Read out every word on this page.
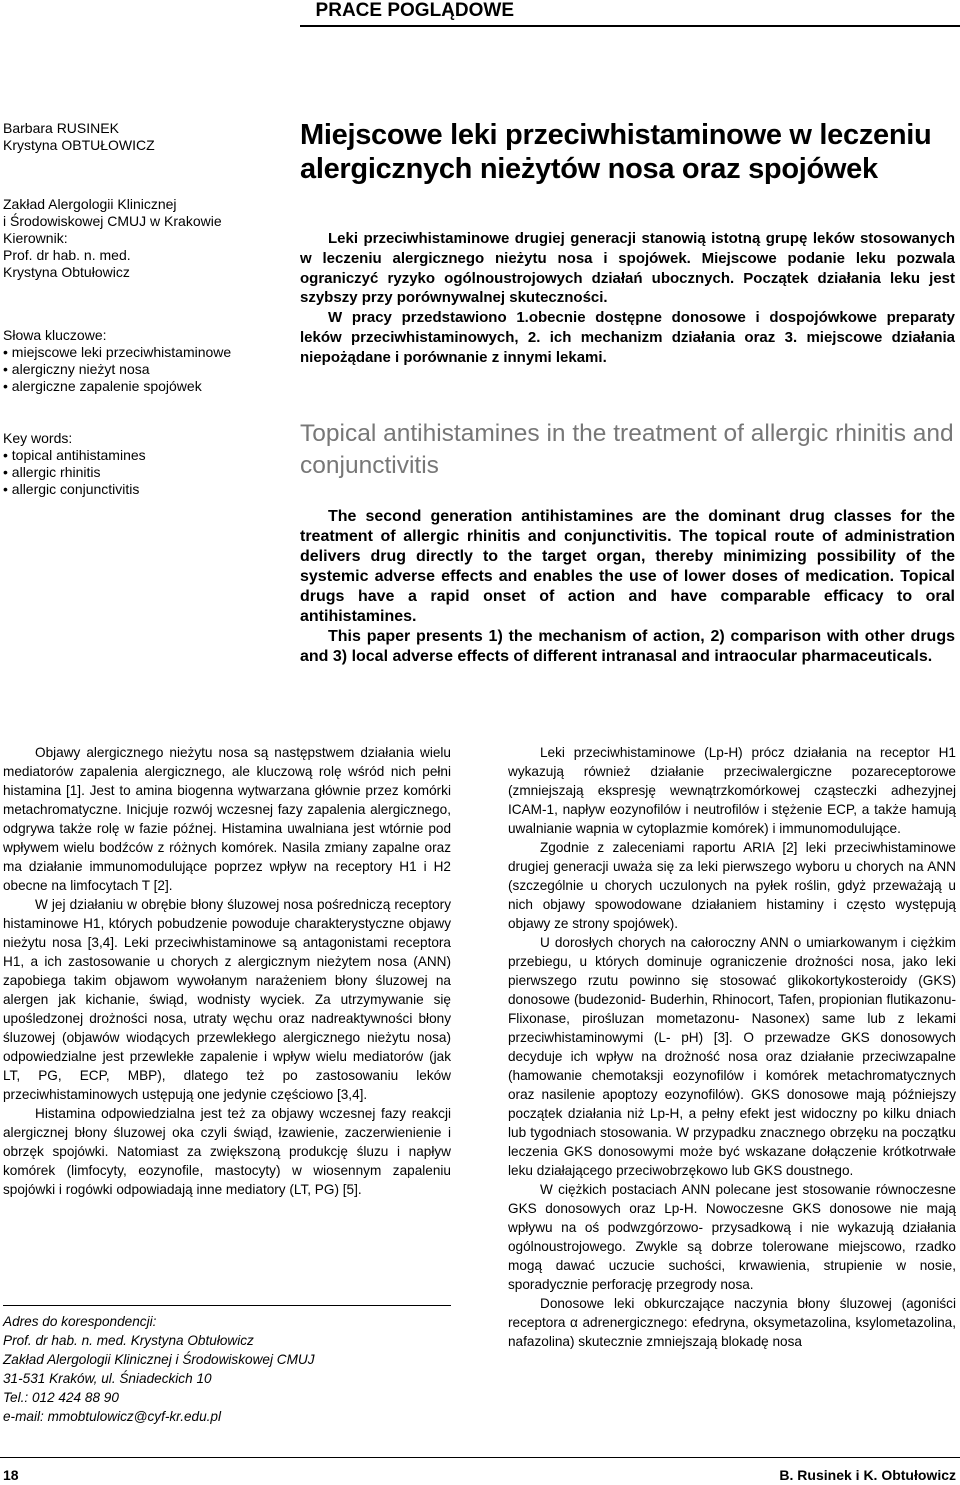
PRACE POGLĄDOWE
Barbara RUSINEK
Krystyna OBTUŁOWICZ
Zakład Alergologii Klinicznej
i Środowiskowej CMUJ w Krakowie
Kierownik:
Prof. dr hab. n. med.
Krystyna Obtułowicz
Słowa kluczowe:
• miejscowe leki przeciwhistaminowe
• alergiczny nieżyt nosa
• alergiczne zapalenie spojówek
Key words:
• topical antihistamines
• allergic rhinitis
• allergic conjunctivitis
Miejscowe leki przeciwhistaminowe w leczeniu alergicznych nieżytów nosa oraz spojówek

Leki przeciwhistaminowe drugiej generacji stanowią istotną grupę leków stosowanych w leczeniu alergicznego nieżytu nosa i spojówek. Miejscowe podanie leku pozwala ograniczyć ryzyko ogólnoustrojowych działań ubocznych. Początek działania leku jest szybszy przy porównywalnej skuteczności.

W pracy przedstawiono 1.obecnie dostępne donosowe i dospojówkowe preparaty leków przeciwhistaminowych, 2. ich mechanizm działania oraz 3. miejscowe działania niepożądane i porównanie z innymi lekami.

Topical antihistamines in the treatment of allergic rhinitis and conjunctivitis

The second generation antihistamines are the dominant drug classes for the treatment of allergic rhinitis and conjunctivitis. The topical route of administration delivers drug directly to the target organ, thereby minimizing possibility of the systemic adverse effects and enables the use of lower doses of medication. Topical drugs have a rapid onset of action and have comparable efficacy to oral antihistamines.

This paper presents 1) the mechanism of action, 2) comparison with other drugs and 3) local adverse effects of different intranasal and intraocular pharmaceuticals.

Objawy alergicznego nieżytu nosa są następstwem działania wielu mediatorów zapalenia alergicznego, ale kluczową rolę wśród nich pełni histamina [1]. Jest to amina biogenna wytwarzana głównie przez komórki metachromatyczne. Inicjuje rozwój wczesnej fazy zapalenia alergicznego, odgrywa także rolę w fazie późnej. Histamina uwalniana jest wtórnie pod wpływem wielu bodźców z różnych komórek. Nasila zmiany zapalne oraz ma działanie immunomodulujące poprzez wpływ na receptory H1 i H2 obecne na limfocytach T [2].

W jej działaniu w obrębie błony śluzowej nosa pośredniczą receptory histaminowe H1, których pobudzenie powoduje charakterystyczne objawy nieżytu nosa [3,4]. Leki przeciwhistaminowe są antagonistami receptora H1, a ich zastosowanie u chorych z alergicznym nieżytem nosa (ANN) zapobiega takim objawom wywołanym narażeniem błony śluzowej na alergen jak kichanie, świąd, wodnisty wyciek. Za utrzymywanie się upośledzonej drożności nosa, utraty węchu oraz nadreaktywności błony śluzowej (objawów wiodących przewlekłego alergicznego nieżytu nosa) odpowiedzialne jest przewlekłe zapalenie i wpływ wielu mediatorów (jak LT, PG, ECP, MBP), dlatego też po zastosowaniu leków przeciwhistaminowych ustępują one jedynie częściowo [3,4].

Histamina odpowiedzialna jest też za objawy wczesnej fazy reakcji alergicznej błony śluzowej oka czyli świąd, łzawienie, zaczerwienienie i obrzęk spojówki. Natomiast za zwiększoną produkcję śluzu i napływ komórek (limfocyty, eozynofile, mastocyty) w wiosennym zapaleniu spojówki i rogówki odpowiadają inne mediatory (LT, PG) [5].

Adres do korespondencji:
Prof. dr hab. n. med. Krystyna Obtułowicz
Zakład Alergologii Klinicznej i Środowiskowej CMUJ
31-531 Kraków, ul. Śniadeckich 10
Tel.: 012 424 88 90
e-mail: mmobtulowicz@cyf-kr.edu.pl

Leki przeciwhistaminowe (Lp-H) prócz działania na receptor H1 wykazują również działanie przeciwalergiczne pozareceptorowe (zmniejszają ekspresję wewnątrzkomórkowej cząsteczki adhezyjnej ICAM-1, napływ eozynofilów i neutrofilów i stężenie ECP, a także hamują uwalnianie wapnia w cytoplazmie komórek) i immunomodulujące.

Zgodnie z zaleceniami raportu ARIA [2] leki przeciwhistaminowe drugiej generacji uważa się za leki pierwszego wyboru u chorych na ANN (szczególnie u chorych uczulonych na pyłek roślin, gdyż przeważają u nich objawy spowodowane działaniem histaminy i często występują objawy ze strony spojówek).

U dorosłych chorych na całoroczny ANN o umiarkowanym i ciężkim przebiegu, u których dominuje ograniczenie drożności nosa, jako leki pierwszego rzutu powinno się stosować glikokortykosteroidy (GKS) donosowe (budezonid- Buderhin, Rhinocort, Tafen, propionian flutikazonu- Flixonase, pirośluzan mometazonu- Nasonex) same lub z lekami przeciwhistaminowymi (L- pH) [3]. O przewadze GKS donosowych decyduje ich wpływ na drożność nosa oraz działanie przeciwzapalne (hamowanie chemotaksji eozynofilów i komórek metachromatycznych oraz nasilenie apoptozy eozynofilów). GKS donosowe mają późniejszy początek działania niż Lp-H, a pełny efekt jest widoczny po kilku dniach lub tygodniach stosowania. W przypadku znacznego obrzęku na początku leczenia GKS donosowymi może być wskazane dołączenie krótkotrwałe leku działającego przeciwobrzękowo lub GKS doustnego.

W ciężkich postaciach ANN polecane jest stosowanie równoczesne GKS donosowych oraz Lp-H. Nowoczesne GKS donosowe nie mają wpływu na oś podwzgórzowo- przysadkową i nie wykazują działania ogólnoustrojowego. Zwykle są dobrze tolerowane miejscowo, rzadko mogą dawać uczucie suchości, krwawienia, strupienie w nosie, sporadycznie perforację przegrody nosa.

Donosowe leki obkurczające naczynia błony śluzowej (agoniści receptora α adrenergicznego: efedryna, oksymetazolina, ksylometazolina, nafazolina) skutecznie zmniejszają blokadę nosa

18	B. Rusinek i K. Obtułowicz
